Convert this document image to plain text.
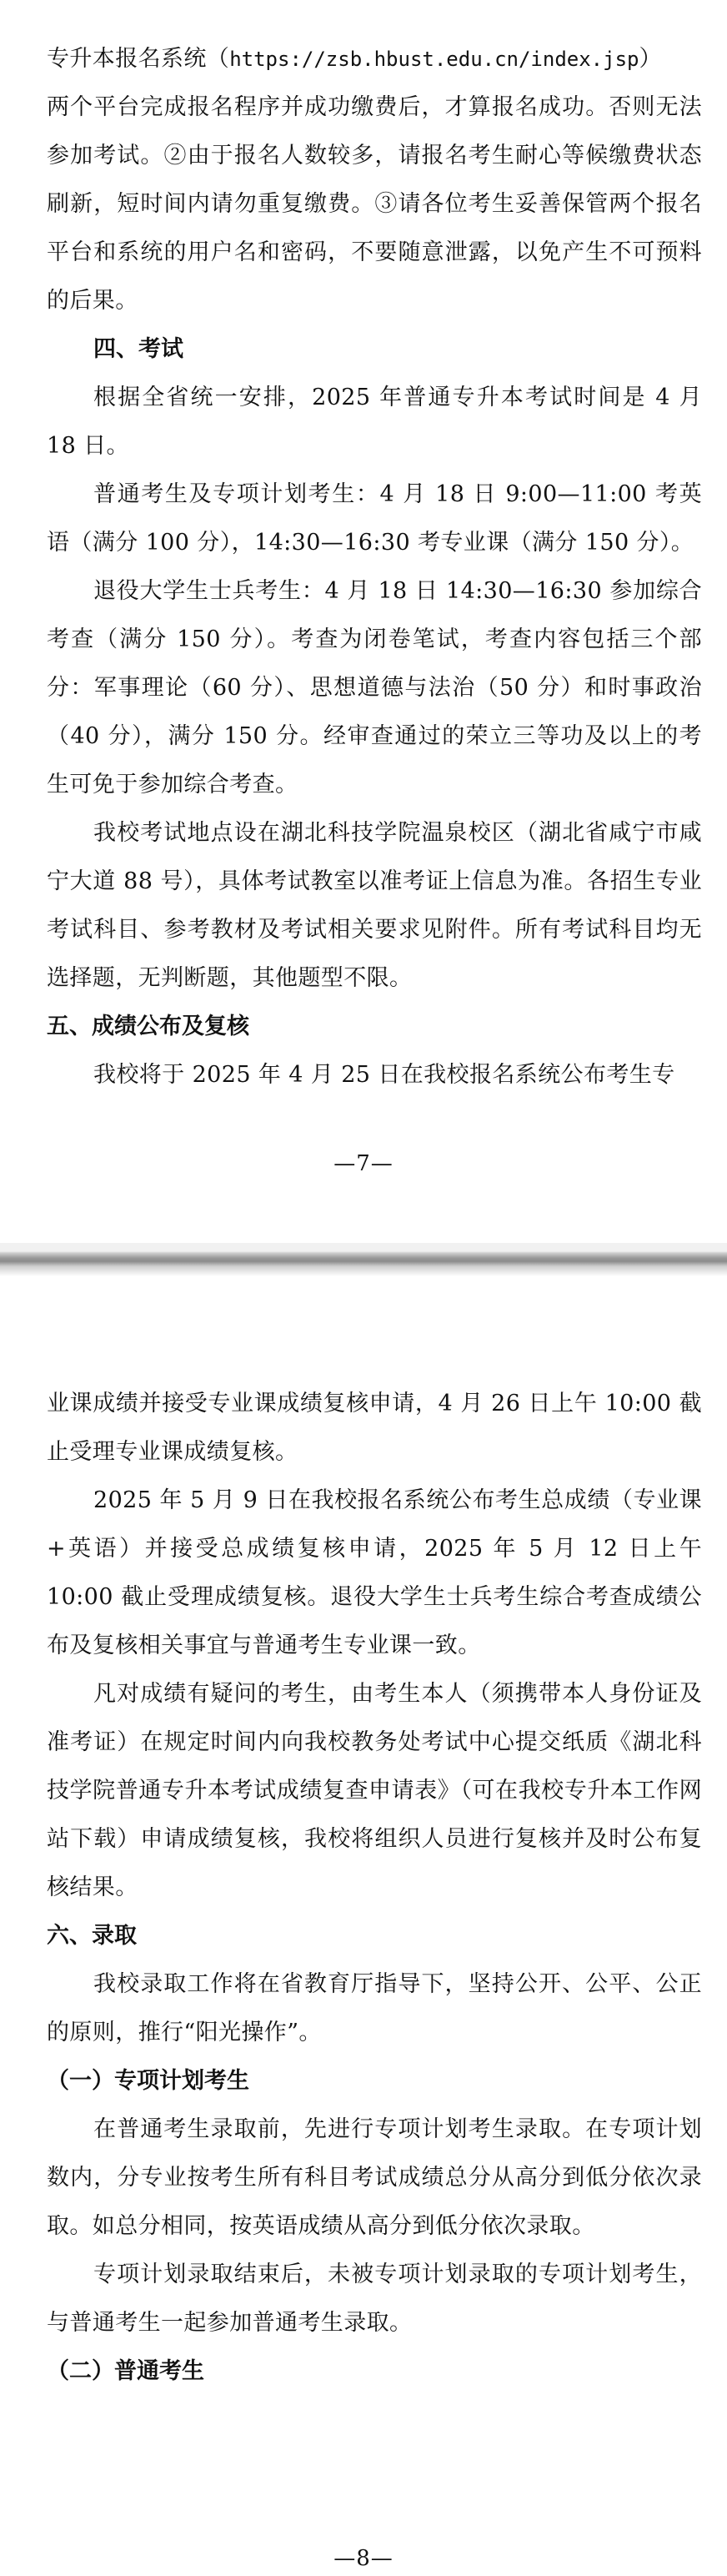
专升本报名系统（https://zsb.hbust.edu.cn/index.jsp）

两个平台完成报名程序并成功缴费后，才算报名成功。否则无法参加考试。②由于报名人数较多，请报名考生耐心等候缴费状态刷新，短时间内请勿重复缴费。③请各位考生妥善保管两个报名平台和系统的用户名和密码，不要随意泄露，以免产生不可预料的后果。

四、考试

根据全省统一安排，2025 年普通专升本考试时间是 4 月 18 日。

普通考生及专项计划考生：4 月 18 日 9:00—11:00 考英语（满分 100 分），14:30—16:30 考专业课（满分 150 分）。

退役大学生士兵考生：4 月 18 日 14:30—16:30 参加综合考查（满分 150 分）。考查为闭卷笔试，考查内容包括三个部分：军事理论（60 分）、思想道德与法治（50 分）和时事政治（40 分），满分 150 分。经审查通过的荣立三等功及以上的考生可免于参加综合考查。

我校考试地点设在湖北科技学院温泉校区（湖北省咸宁市咸宁大道 88 号），具体考试教室以准考证上信息为准。各招生专业考试科目、参考教材及考试相关要求见附件。所有考试科目均无选择题，无判断题，其他题型不限。

五、成绩公布及复核

我校将于 2025 年 4 月 25 日在我校报名系统公布考生专

—7—

业课成绩并接受专业课成绩复核申请，4 月 26 日上午 10:00 截止受理专业课成绩复核。

2025 年 5 月 9 日在我校报名系统公布考生总成绩（专业课+英语）并接受总成绩复核申请，2025 年 5 月 12 日上午 10:00 截止受理成绩复核。退役大学生士兵考生综合考查成绩公布及复核相关事宜与普通考生专业课一致。

凡对成绩有疑问的考生，由考生本人（须携带本人身份证及准考证）在规定时间内向我校教务处考试中心提交纸质《湖北科技学院普通专升本考试成绩复查申请表》（可在我校专升本工作网站下载）申请成绩复核，我校将组织人员进行复核并及时公布复核结果。

六、录取

我校录取工作将在省教育厅指导下，坚持公开、公平、公正的原则，推行“阳光操作”。

（一）专项计划考生

在普通考生录取前，先进行专项计划考生录取。在专项计划数内，分专业按考生所有科目考试成绩总分从高分到低分依次录取。如总分相同，按英语成绩从高分到低分依次录取。

专项计划录取结束后，未被专项计划录取的专项计划考生，与普通考生一起参加普通考生录取。

（二）普通考生

—8—
